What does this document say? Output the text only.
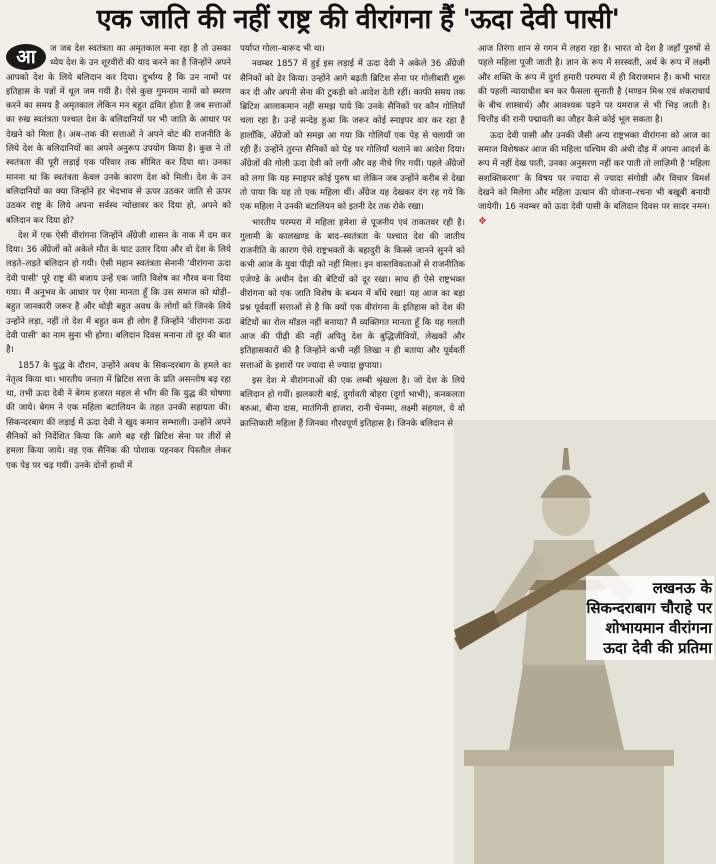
एक जाति की नहीं राष्ट्र की वीरांगना हैं 'ऊदा देवी पासी'

आ	ज जब देश स्वतंत्रता का अमृतकाल मना रहा है तो उसका ध्येय देश के उन शूरवीरों की याद करने का है जिन्होंने अपने आपको देश के लिये बलिदान कर दिया। दुर्भाग्य है कि उन नामों पर इतिहास के पन्नों में धूल जम गयी है। ऐसे कुछ गुमनाम नामों को स्मरण करने का समय है अमृतकाल लेकिन मन बहुत द्रवित होता है जब सत्ताओं का रुख स्वतंत्रता पश्चात देश के बलिदानियों पर भी जाति के आधार पर देखने को मिला है। अब–तक की सत्ताओं ने अपने वोट की राजनीति के लिये देश के बलिदानियों का अपने अनुरूप उपयोग किया है। कुछ ने तो स्वतंत्रता की पूरी लड़ाई एक परिवार तक सीमित कर दिया था। उनका मानना था कि स्वतंत्रता केवल उनके कारण देश को मिली। देश के उन बलिदानियों का क्या जिन्होंने हर भेदभाव से ऊपर उठकर जाति से ऊपर उठकर राष्ट्र के लिये अपना सर्वस्व न्योछावर कर दिया हो, अपने को बलिदान कर दिया हो?

देश में एक ऐसी वीरांगना जिन्होंने अँग्रेजी शासन के नाक में दम कर दिया। 36 अँग्रेजों को अकेले मौत के घाट उतार दिया और वो देश के लिये लड़ते–लड़ते बलिदान हो गयी। ऐसी महान स्वतंत्रता सेनानी 'वीरांगना ऊदा देवी पासी' पूरे राष्ट्र की बजाय उन्हें एक जाति विशेष का गौरव बना दिया गया। मैं अनुभव के आधार पर ऐसा मानता हूँ कि उस समाज को थोड़ी–बहुत जानकारी जरूर है और थोड़ी बहुत अवध के लोगों को जिनके लिये उन्होंने लड़ा, नहीं तो देश में बहुत कम ही लोग हैं जिन्होंने 'वीरांगना ऊदा देवी पासी' का नाम सुना भी होगा। बलिदान दिवस मनाना तो दूर की बात है।

1857 के युद्ध के दौरान, उन्होंने अवध के सिकन्दरबाग के हमले का नेतृत्व किया था। भारतीय जनता में ब्रिटिश सत्ता के प्रति असन्तोष बढ़ रहा था, तभी ऊदा देवी ने बेगम हजरत महल से भाँग की कि युद्ध की घोषणा की जाये। बेगम ने एक महिला बटालियन के तहत उनकी सहायता की। सिकन्दरबाग की लड़ाई में ऊदा देवी ने खुद कमान सम्भाली। उन्होंने अपने सैनिकों को निर्देशित किया कि आगे बढ़ रही ब्रिटिश सेना पर तीरों से हमला किया जाये। वह एक सैनिक की पोशाक पहनकर पिस्तौल लेकर एक पेड़ पर चढ़ गयीं। उनके दोनों हाथों में

पर्याप्त गोला–बारूद भी था।

नवम्बर 1857 में हुई इस लड़ाई में ऊदा देवी ने अकेले 36 अँग्रेजी सैनिकों को ढेर किया। उन्होंने आगे बढ़ती ब्रिटिश सेना पर गोलीबारी शुरू कर दी और अपनी सेना की टुकड़ी को आदेश देती रहीं। काफी समय तक ब्रिटिश आलाकमान नहीं समझ पाये कि उनके सैनिकों पर कौन गोलियाँ चला रहा है। उन्हें सन्देह हुआ कि जरूर कोई स्नाइपर वार कर रहा है हालाँकि, अँग्रेजों को समझ आ गया कि गोलियाँ एक पेड़ से चलायी जा रही हैं। उन्होंने तुरन्त सैनिकों को पेड़ पर गोलियाँ चलाने का आदेश दिया। अँग्रेजों की गोली ऊदा देवी को लगी और वह नीचे गिर गयीं। पहले अँग्रेजों को लगा कि यह स्नाइपर कोई पुरुष था लेकिन जब उन्होंने करीब से देखा तो पाया कि यह तो एक महिला थीं। अँग्रेज यह देखकर दंग रह गये कि एक महिला ने उनकी बटालियन को इतनी देर तक रोके रखा।

भारतीय परम्परा में महिला हमेशा से पूजनीय एवं ताकतवर रही है। गुलामी के कालखण्ड के बाद–स्वतंत्रता के पश्चात देश की जातीय राजनीति के कारण ऐसे राष्ट्रभक्तों के बहादुरी के किस्से जानने सुनने को कभी आज के युवा पीढ़ी को नहीं मिला। इन वास्तविकताओं से राजनीतिक एजेण्डे के अधीन देश की बेटियों को दूर रखा। साथ ही ऐसे राष्ट्रभक्त वीरांगना को एक जाति विशेष के बन्धन में बाँधे रखा! यह आज का बड़ा प्रश्न पूर्ववर्ती सत्ताओं से है कि क्यों एक वीरांगना के इतिहास को देश की बेटियों का रोल मॉडल नहीं बनाया? मैं व्यक्तिगत मानता हूँ कि यह गलती आज की पीढ़ी की नहीं अपितु देश के बुद्धिजीवियों, लेखकों और इतिहासकारों की है जिन्होंने कभी नहीं लिखा न ही बताया और पूर्ववर्ती सत्ताओं के इशारों पर ज्यादा से ज्यादा छुपाया।

इस देश मे वीरांगनाओं की एक लम्बी श्रृंखला है। जो देश के लिये बलिदान हो गयीं। झलकारी बाई, दुर्गावती बोहरा (दुर्गा भाभी), कनकलता बरुआ, बीना दास, मातंगिनी हाजरा, रानी चेनम्मा, लक्ष्मी सहगल, ये वो क्रान्तिकारी महिला हैं जिनका गौरवपूर्ण इतिहास है। जिनके बलिदान से

आज तिरंगा शान से गगन में लहरा रहा है। भारत वो देश है जहाँ पुरुषों से पहले महिला पूजी जाती है। ज्ञान के रूप में सरस्वती, अर्थ के रूप में लक्ष्मी और शक्ति के रूप में दुर्गा हमारी परम्परा में ही विराजमान हैं। कभी भारत की पहली न्यायाधीश बन कर फैसला सुनाती है (मण्डन मिश्र एवं शंकराचार्य के बीच शास्त्रार्थ) और आवश्यक पड़ने पर यमराज से भी भिड़ जाती है। चित्तौड़ की रानी पद्मावती का जौहर कैसे कोई भूल सकता है।

ऊदा देवी पासी और उनकी जैसी अन्य राष्ट्रभक्त वीरांगना को आज का समाज विशेषकर आज की महिला पश्चिम की अंधी दौड़ में अपना आदर्श के रूप में नहीं देख पाती, उनका अनुसरण नहीं कर पाती तो लाज़िमी है 'महिला सशक्तिकरण' के विषय पर ज्यादा से ज्यादा संगोष्ठी और विचार विमर्श देखने को मिलेगा और महिला उत्थान की योजना–रचना भी बखूबी बनायी जायेगी। 16 नवम्बर को ऊदा देवी पासी के बलिदान दिवस पर सादर नमन। ❖

लखनऊ के सिकन्दराबाग चौराहे पर शोभायमान वीरांगना ऊदा देवी की प्रतिमा
